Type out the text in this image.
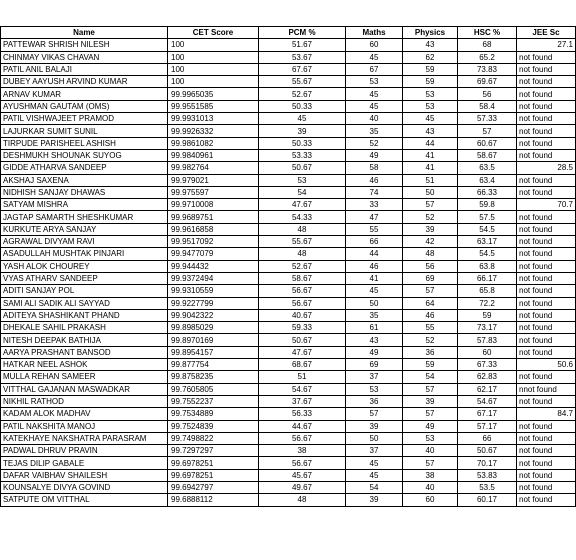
Name	CET Score	PCM %	Maths	Physics	HSC %	JEE Sc
PATTEWAR SHRISH NILESH	100	51.67	60	43	68	27.1
CHINMAY VIKAS CHAVAN	100	53.67	45	62	65.2	not found
PATIL ANIL BALAJI	100	67.67	67	59	73.83	not found
DUBEY AAYUSH ARVIND KUMAR	100	55.67	53	59	69.67	not found
ARNAV KUMAR	99.9965035	52.67	45	53	56	not found
AYUSHMAN GAUTAM (OMS)	99.9551585	50.33	45	53	58.4	not found
PATIL VISHWAJEET PRAMOD	99.9931013	45	40	45	57.33	not found
LAJURKAR SUMIT SUNIL	99.9926332	39	35	43	57	not found
TIRPUDE PARISHEEL ASHISH	99.9861082	50.33	52	44	60.67	not found
DESHMUKH SHOUNAK SUYOG	99.9840961	53.33	49	41	58.67	not found
GIDDE ATHARVA SANDEEP	99.982764	50.67	58	41	63.5	28.5
AKSHAJ SAXENA	99.979021	53	46	51	63.4	not found
NIDHISH SANJAY DHAWAS	99.975597	54	74	50	66.33	not found
SATYAM MISHRA	99.9710008	47.67	33	57	59.8	70.7
JAGTAP SAMARTH SHESHKUMAR	99.9689751	54.33	47	52	57.5	not found
KURKUTE ARYA SANJAY	99.9616858	48	55	39	54.5	not found
AGRAWAL DIVYAM RAVI	99.9517092	55.67	66	42	63.17	not found
ASADULLAH MUSHTAK PINJARI	99.9477079	48	44	48	54.5	not found
YASH ALOK CHOUREY	99.944432	52.67	46	56	63.8	not found
VYAS ATHARV SANDEEP	99.9372494	58.67	41	69	66.17	not found
ADITI SANJAY POL	99.9310559	56.67	45	57	65.8	not found
SAMI ALI SADIK ALI SAYYAD	99.9227799	56.67	50	64	72.2	not found
ADITEYA SHASHIKANT PHAND	99.9042322	40.67	35	46	59	not found
DHEKALE SAHIL PRAKASH	99.8985029	59.33	61	55	73.17	not found
NITESH DEEPAK BATHIJA	99.8970169	50.67	43	52	57.83	not found
AARYA PRASHANT BANSOD	99.8954157	47.67	49	36	60	not found
HATKAR NEEL ASHOK	99.877754	68.67	69	59	67.33	50.6
MULLA REHAN SAMEER	99.8758235	51	37	54	62.83	not found
VITTHAL GAJANAN MASWADKAR	99.7605805	54.67	53	57	62.17	nnot found
NIKHIL RATHOD	99.7552237	37.67	36	39	54.67	not found
KADAM ALOK MADHAV	99.7534889	56.33	57	57	67.17	84.7
PATIL NAKSHITA MANOJ	99.7524839	44.67	39	49	57.17	not found
KATEKHAYE NAKSHATRA PARASRAM	99.7498822	56.67	50	53	66	not found
PADWAL DHRUV PRAVIN	99.7297297	38	37	40	50.67	not found
TEJAS DILIP GABALE	99.6978251	56.67	45	57	70.17	not found
DAFAR VAIBHAV SHAILESH	99.6978251	45.67	45	38	53.83	not found
KOUNSALYE DIVYA GOVIND	99.6942797	49.67	54	40	53.5	not found
SATPUTE OM VITTHAL	99.6888112	48	39	60	60.17	not found
